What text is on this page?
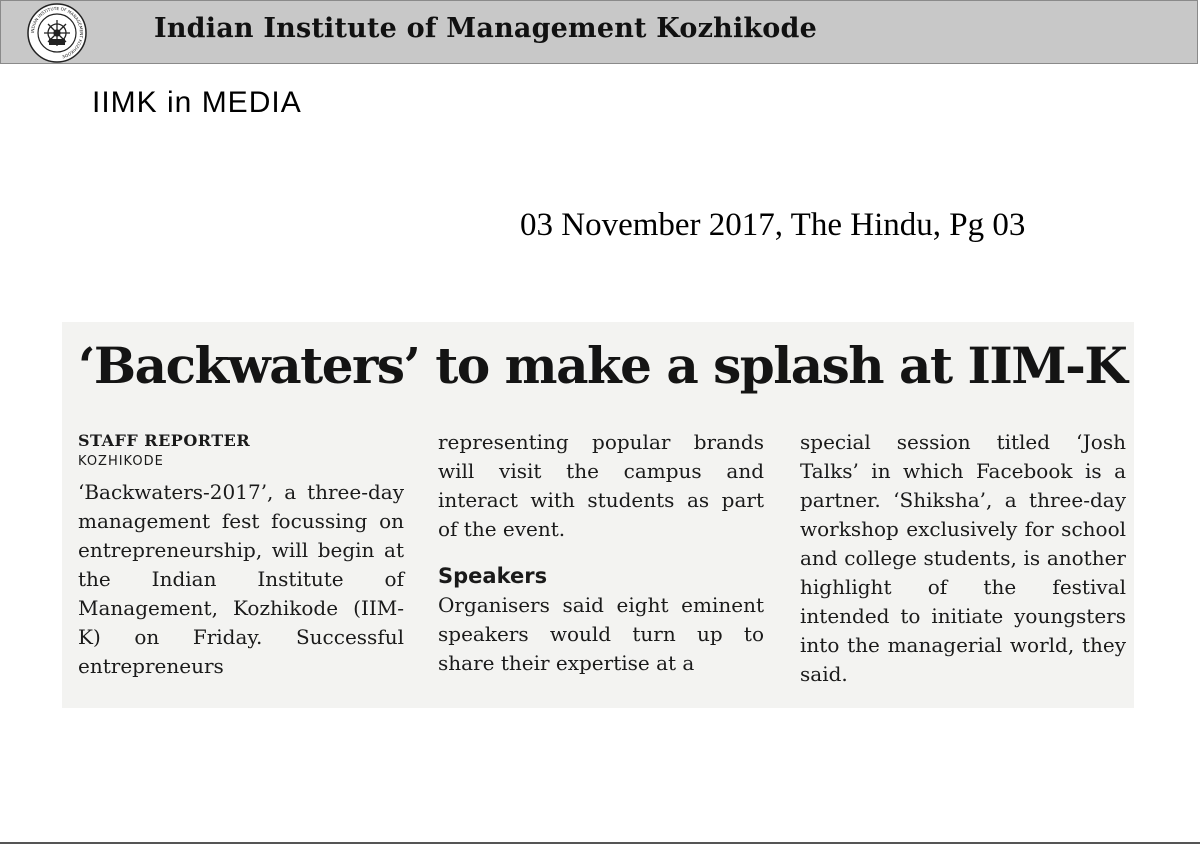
INDIAN INSTITUTE OF MANAGEMENT KOZHIKODE
Indian Institute of Management Kozhikode
IIMK in MEDIA
03 November 2017, The Hindu, Pg 03
‘Backwaters’ to make a splash at IIM-K
STAFF REPORTER
KOZHIKODE

‘Backwaters-2017’, a three-day management fest focussing on entrepreneurship, will begin at the Indian Institute of Management, Kozhikode (IIM-K) on Friday. Successful entrepreneurs

representing popular brands will visit the campus and interact with students as part of the event.

Speakers

Organisers said eight eminent speakers would turn up to share their expertise at a

special session titled ‘Josh Talks’ in which Facebook is a partner. ‘Shiksha’, a three-day workshop exclusively for school and college students, is another highlight of the festival intended to initiate youngsters into the managerial world, they said.
